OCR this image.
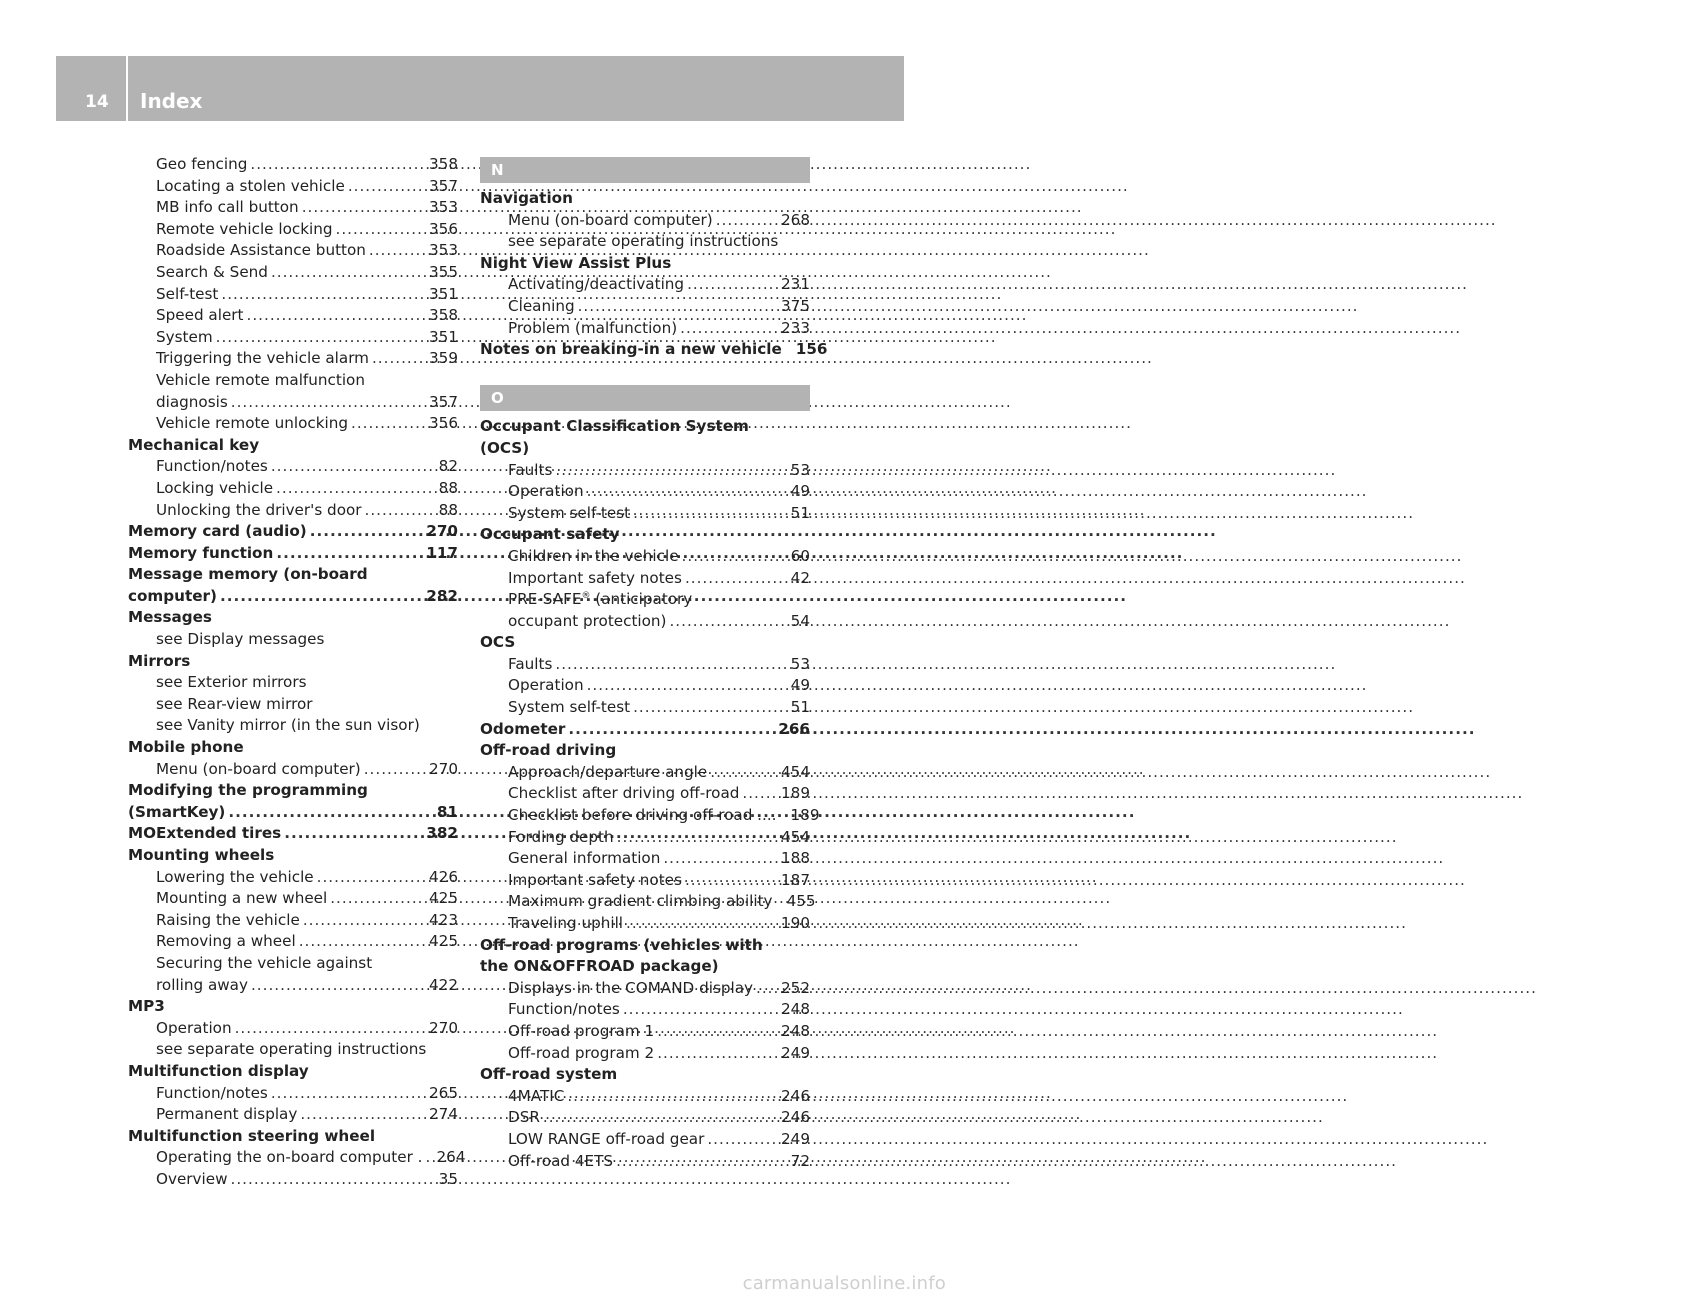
14 Index
Geo fencing .....	358
Locating a stolen vehicle .....	357
MB info call button .....	353
Remote vehicle locking .....	356
Roadside Assistance button .....	353
Search & Send .....	355
Self-test .....	351
Speed alert .....	358
System .....	351
Triggering the vehicle alarm .....	359
Vehicle remote malfunction
diagnosis .....	357
Vehicle remote unlocking .....	356
Mechanical key
Function/notes .....	82
Locking vehicle .....	88
Unlocking the driver's door .....	88
Memory card (audio) .....	270
Memory function .....	117
Message memory (on-board
computer) .....	282
Messages
see Display messages
Mirrors
see Exterior mirrors
see Rear-view mirror
see Vanity mirror (in the sun visor)
Mobile phone
Menu (on-board computer) .....	270
Modifying the programming
(SmartKey) .....	81
MOExtended tires .....	382
Mounting wheels
Lowering the vehicle .....	426
Mounting a new wheel .....	425
Raising the vehicle .....	423
Removing a wheel .....	425
Securing the vehicle against
rolling away .....	422
MP3
Operation .....	270
see separate operating instructions
Multifunction display
Function/notes .....	265
Permanent display .....	274
Multifunction steering wheel
Operating the on-board computer . ..... 264
Overview .....	35
N
Navigation
Menu (on-board computer) .....	268
see separate operating instructions
Night View Assist Plus
Activating/deactivating .....	231
Cleaning .....	375
Problem (malfunction) .....	233
Notes on breaking-in a new vehicle 156
O
Occupant Classification System
(OCS)
Faults .....	53
Operation .....	49
System self-test .....	51
Occupant safety
Children in the vehicle .....	60
Important safety notes .....	42
PRE-SAFE® (anticipatory
occupant protection) .....	54
OCS
Faults .....	53
Operation .....	49
System self-test .....	51
Odometer .....	266
Off-road driving
Approach/departure angle .....	454
Checklist after driving off-road .....	189
Checklist before driving off-road .... 189
Fording depth .....	454
General information .....	188
Important safety notes .....	187
Maximum gradient climbing ability 455
Traveling uphill .....	190
Off-road programs (vehicles with
the ON&OFFROAD package)
Displays in the COMAND display ..... 252
Function/notes .....	248
Off-road program 1 .....	248
Off-road program 2 .....	249
Off-road system
4MATIC .....	246
DSR .....	246
LOW RANGE off-road gear .....	249
Off-road 4ETS .....	72
carmanualsonline.info
